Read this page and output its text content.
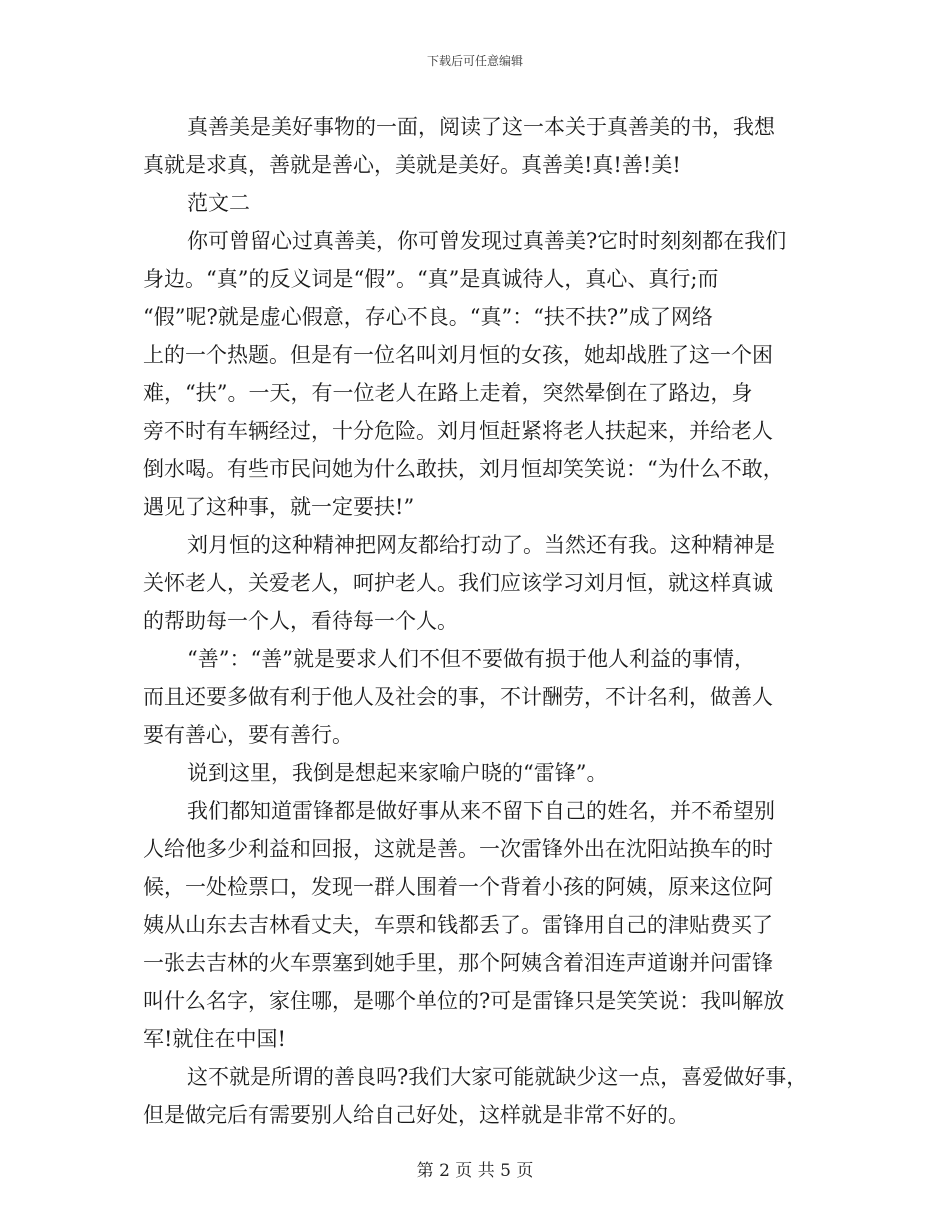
下载后可任意编辑
真善美是美好事物的一面，阅读了这一本关于真善美的书，我想
真就是求真，善就是善心，美就是美好。真善美!真!善!美!
范文二
你可曾留心过真善美，你可曾发现过真善美?它时时刻刻都在我们
身边。“真”的反义词是“假”。“真”是真诚待人，真心、真行;而
“假”呢?就是虚心假意，存心不良。“真”：“扶不扶?”成了网络
上的一个热题。但是有一位名叫刘月恒的女孩，她却战胜了这一个困
难，“扶”。一天，有一位老人在路上走着，突然晕倒在了路边，身
旁不时有车辆经过，十分危险。刘月恒赶紧将老人扶起来，并给老人
倒水喝。有些市民问她为什么敢扶，刘月恒却笑笑说：“为什么不敢，
遇见了这种事，就一定要扶!”
刘月恒的这种精神把网友都给打动了。当然还有我。这种精神是
关怀老人，关爱老人，呵护老人。我们应该学习刘月恒，就这样真诚
的帮助每一个人，看待每一个人。
“善”：“善”就是要求人们不但不要做有损于他人利益的事情，
而且还要多做有利于他人及社会的事，不计酬劳，不计名利，做善人
要有善心，要有善行。
说到这里，我倒是想起来家喻户晓的“雷锋”。
我们都知道雷锋都是做好事从来不留下自己的姓名，并不希望别
人给他多少利益和回报，这就是善。一次雷锋外出在沈阳站换车的时
候，一处检票口，发现一群人围着一个背着小孩的阿姨，原来这位阿
姨从山东去吉林看丈夫，车票和钱都丢了。雷锋用自己的津贴费买了
一张去吉林的火车票塞到她手里，那个阿姨含着泪连声道谢并问雷锋
叫什么名字，家住哪，是哪个单位的?可是雷锋只是笑笑说：我叫解放
军!就住在中国!
这不就是所谓的善良吗?我们大家可能就缺少这一点，喜爱做好事，
但是做完后有需要别人给自己好处，这样就是非常不好的。
第 2 页 共 5 页
